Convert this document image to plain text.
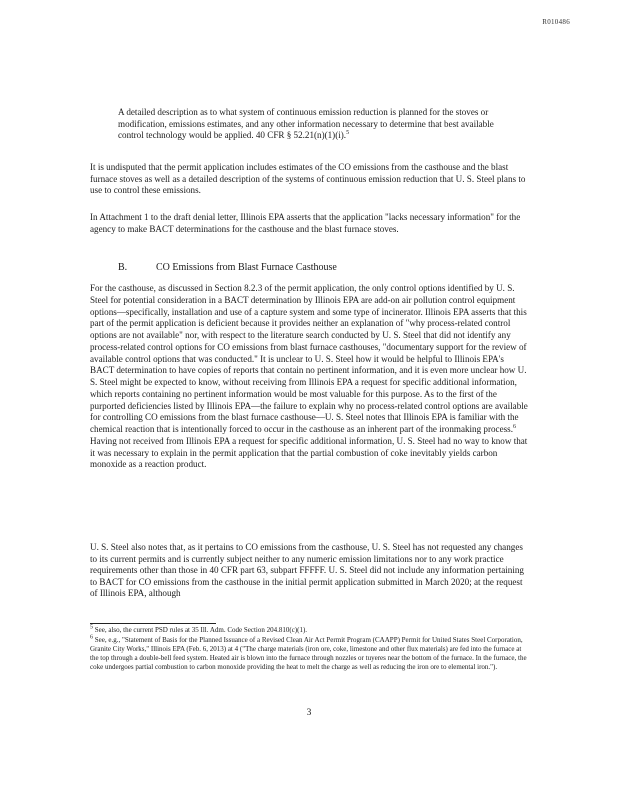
R010486
A detailed description as to what system of continuous emission reduction is planned for the stoves or modification, emissions estimates, and any other information necessary to determine that best available control technology would be applied. 40 CFR § 52.21(n)(1)(i).$^5$
It is undisputed that the permit application includes estimates of the CO emissions from the casthouse and the blast furnace stoves as well as a detailed description of the systems of continuous emission reduction that U. S. Steel plans to use to control these emissions.
In Attachment 1 to the draft denial letter, Illinois EPA asserts that the application "lacks necessary information" for the agency to make BACT determinations for the casthouse and the blast furnace stoves.
B.	CO Emissions from Blast Furnace Casthouse
For the casthouse, as discussed in Section 8.2.3 of the permit application, the only control options identified by U. S. Steel for potential consideration in a BACT determination by Illinois EPA are add-on air pollution control equipment options—specifically, installation and use of a capture system and some type of incinerator. Illinois EPA asserts that this part of the permit application is deficient because it provides neither an explanation of "why process-related control options are not available" nor, with respect to the literature search conducted by U. S. Steel that did not identify any process-related control options for CO emissions from blast furnace casthouses, "documentary support for the review of available control options that was conducted." It is unclear to U. S. Steel how it would be helpful to Illinois EPA's BACT determination to have copies of reports that contain no pertinent information, and it is even more unclear how U. S. Steel might be expected to know, without receiving from Illinois EPA a request for specific additional information, which reports containing no pertinent information would be most valuable for this purpose. As to the first of the purported deficiencies listed by Illinois EPA—the failure to explain why no process-related control options are available for controlling CO emissions from the blast furnace casthouse—U. S. Steel notes that Illinois EPA is familiar with the chemical reaction that is intentionally forced to occur in the casthouse as an inherent part of the ironmaking process.$^6$ Having not received from Illinois EPA a request for specific additional information, U. S. Steel had no way to know that it was necessary to explain in the permit application that the partial combustion of coke inevitably yields carbon monoxide as a reaction product.
U. S. Steel also notes that, as it pertains to CO emissions from the casthouse, U. S. Steel has not requested any changes to its current permits and is currently subject neither to any numeric emission limitations nor to any work practice requirements other than those in 40 CFR part 63, subpart FFFFF. U. S. Steel did not include any information pertaining to BACT for CO emissions from the casthouse in the initial permit application submitted in March 2020; at the request of Illinois EPA, although
$^5$ See, also, the current PSD rules at 35 Ill. Adm. Code Section 204.810(c)(1).
$^6$ See, e.g., "Statement of Basis for the Planned Issuance of a Revised Clean Air Act Permit Program (CAAPP) Permit for United States Steel Corporation, Granite City Works," Illinois EPA (Feb. 6, 2013) at 4 ("The charge materials (iron ore, coke, limestone and other flux materials) are fed into the furnace at the top through a double-bell feed system. Heated air is blown into the furnace through nozzles or tuyeres near the bottom of the furnace. In the furnace, the coke undergoes partial combustion to carbon monoxide providing the heat to melt the charge as well as reducing the iron ore to elemental iron.").
3
